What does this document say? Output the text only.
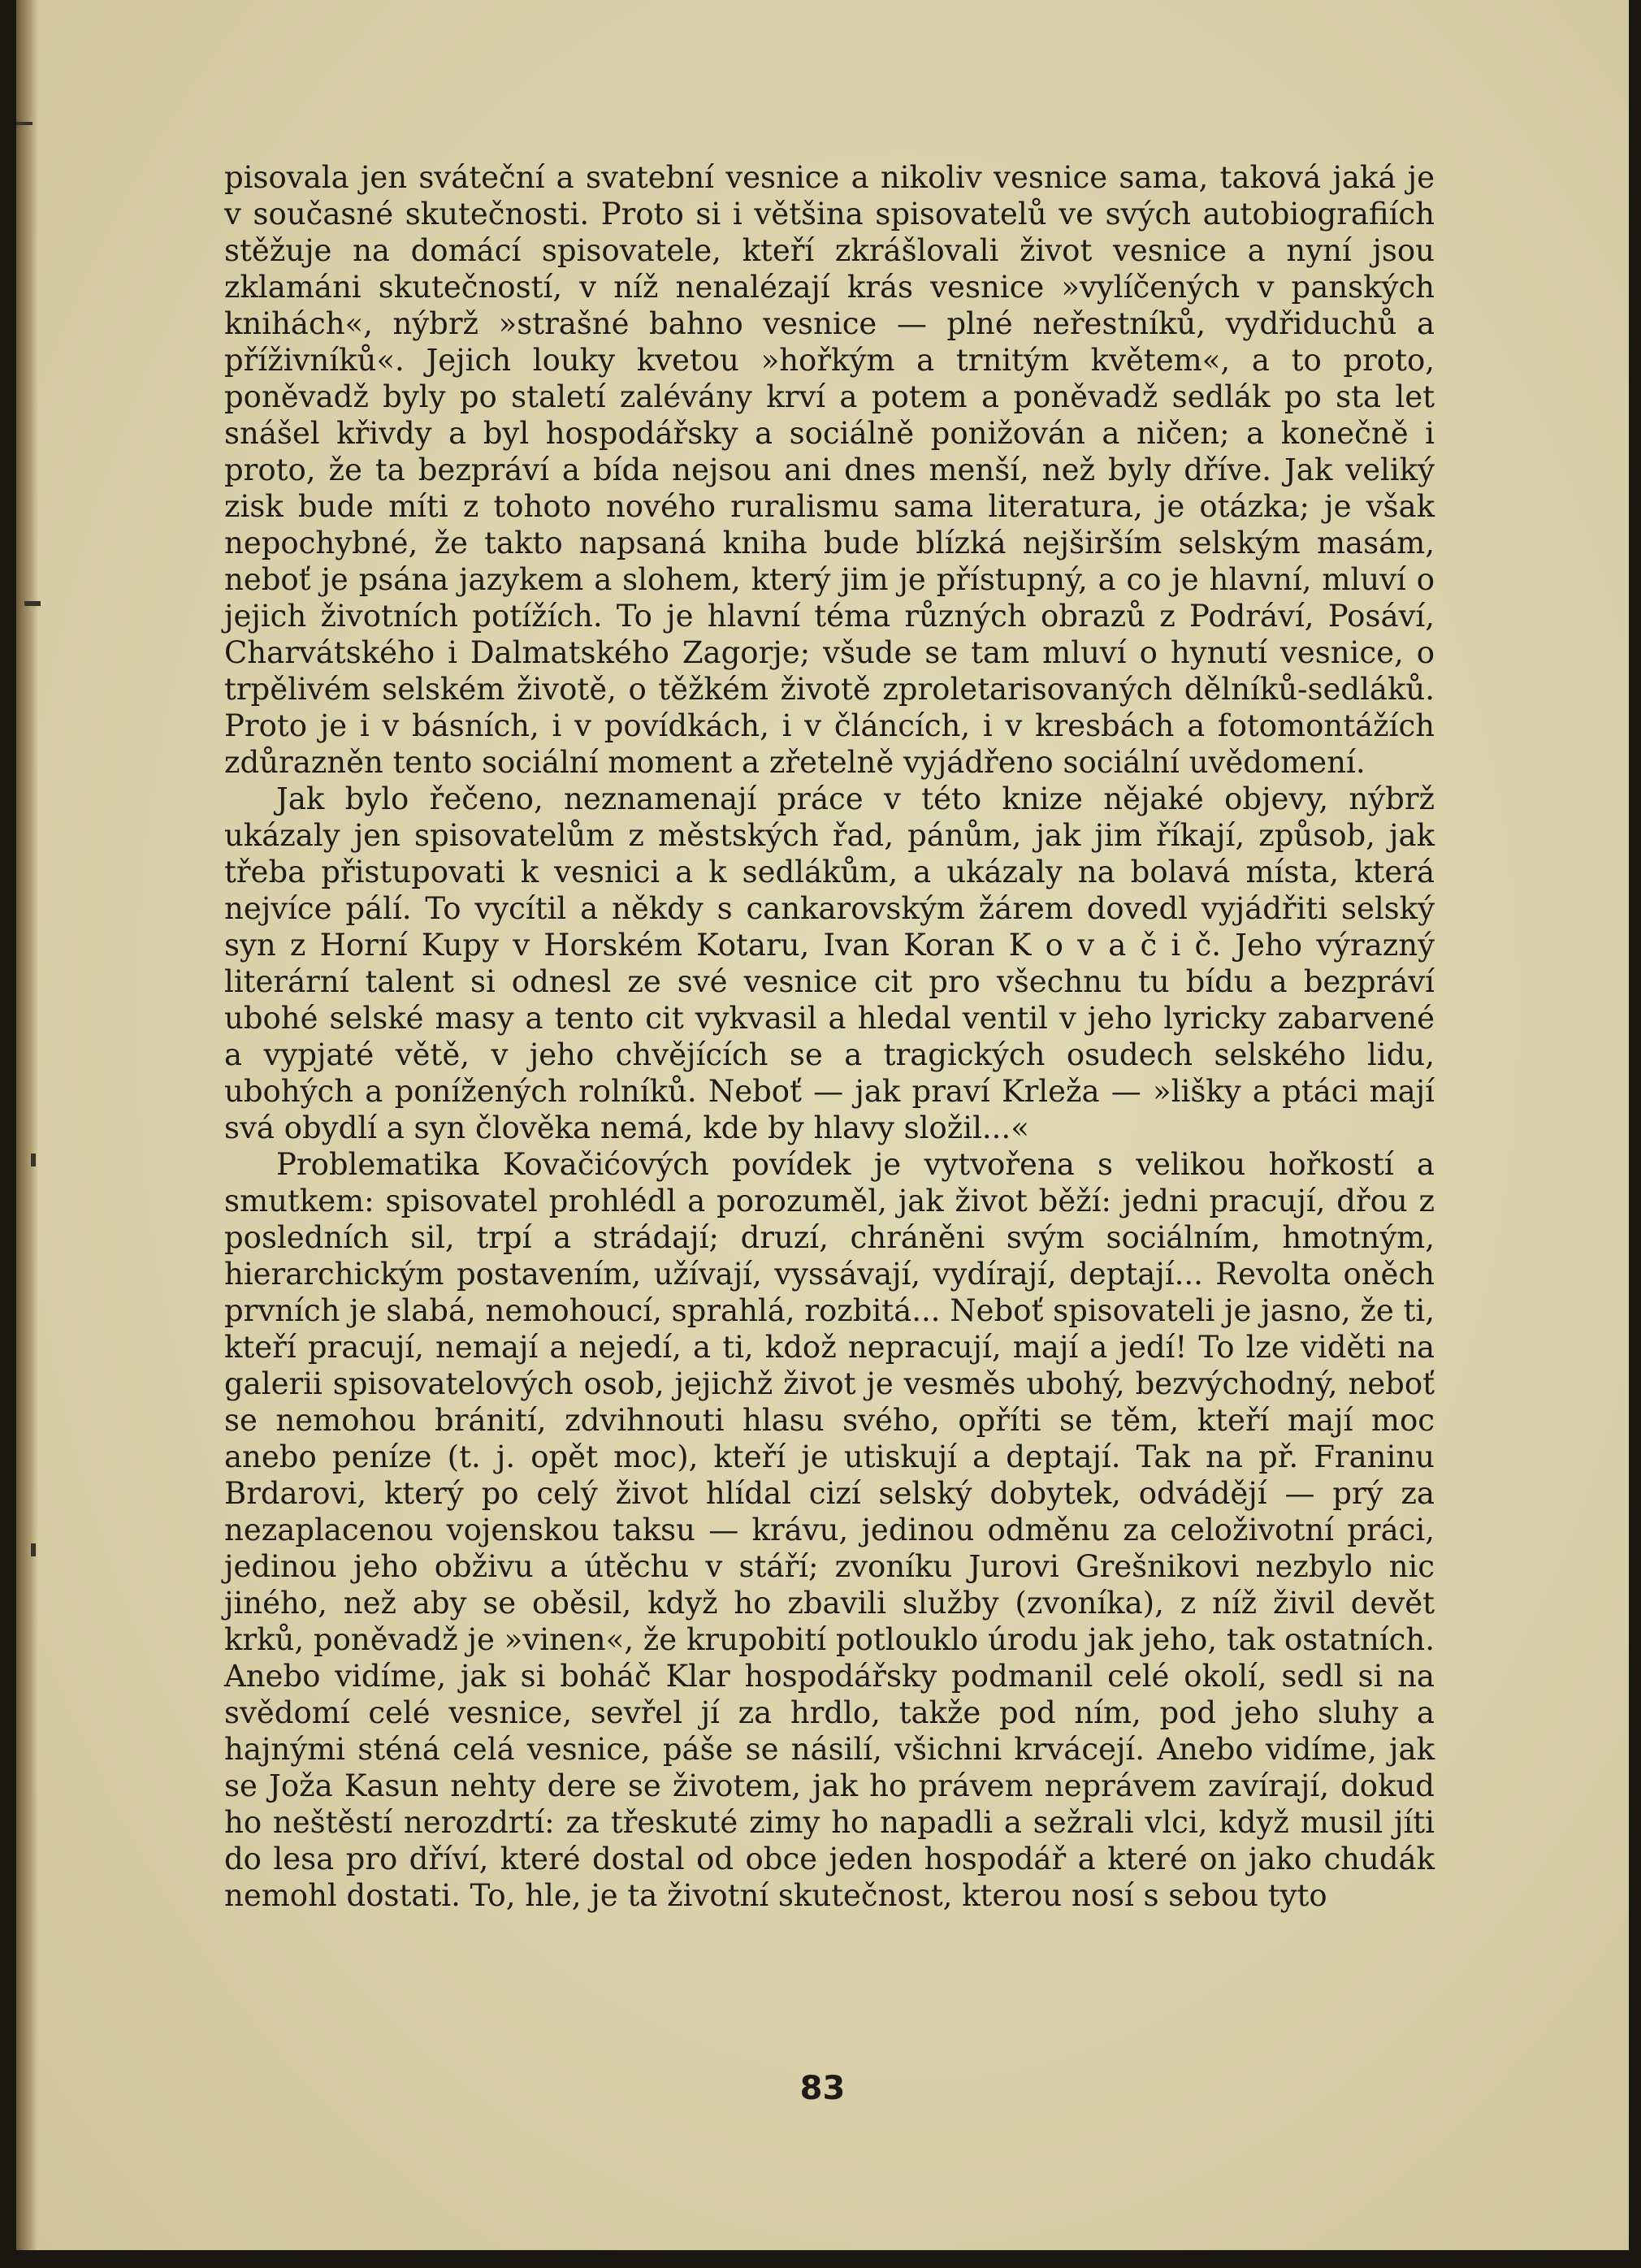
pisovala jen sváteční a svatební vesnice a nikoliv vesnice sama, taková jaká je v současné skutečnosti. Proto si i většina spisovatelů ve svých autobiografiích stěžuje na domácí spisovatele, kteří zkrášlovali život vesnice a nyní jsou zklamáni skutečností, v níž nenalézají krás vesnice »vylíčených v panských knihách«, nýbrž »strašné bahno vesnice — plné neřestníků, vydřiduchů a příživníků«. Jejich louky kvetou »hořkým a trnitým květem«, a to proto, poněvadž byly po staletí zalévány krví a potem a poněvadž sedlák po sta let snášel křivdy a byl hospodářsky a sociálně ponižován a ničen; a konečně i proto, že ta bezpráví a bída nejsou ani dnes menší, než byly dříve. Jak veliký zisk bude míti z tohoto nového ruralismu sama literatura, je otázka; je však nepochybné, že takto napsaná kniha bude blízká nejširším selským masám, neboť je psána jazykem a slohem, který jim je přístupný, a co je hlavní, mluví o jejich životních potížích. To je hlavní téma různých obrazů z Podráví, Posáví, Charvátského i Dalmatského Zagorje; všude se tam mluví o hynutí vesnice, o trpělivém selském životě, o těžkém životě zproletarisovaných dělníků-sedláků. Proto je i v básních, i v povídkách, i v článcích, i v kresbách a fotomontážích zdůrazněn tento sociální moment a zřetelně vyjádřeno sociální uvědomení.

Jak bylo řečeno, neznamenají práce v této knize nějaké objevy, nýbrž ukázaly jen spisovatelům z městských řad, pánům, jak jim říkají, způsob, jak třeba přistupovati k vesnici a k sedlákům, a ukázaly na bolavá místa, která nejvíce pálí. To vycítil a někdy s cankarovským žárem dovedl vyjádřiti selský syn z Horní Kupy v Horském Kotaru, Ivan Koran K o v a č i č. Jeho výrazný literární talent si odnesl ze své vesnice cit pro všechnu tu bídu a bezpráví ubohé selské masy a tento cit vykvasil a hledal ventil v jeho lyricky zabarvené a vypjaté větě, v jeho chvějících se a tragických osudech selského lidu, ubohých a ponížených rolníků. Neboť — jak praví Krleža — »lišky a ptáci mají svá obydlí a syn člověka nemá, kde by hlavy složil...«

Problematika Kovačićových povídek je vytvořena s velikou hořkostí a smutkem: spisovatel prohlédl a porozuměl, jak život běží: jedni pracují, dřou z posledních sil, trpí a strádají; druzí, chráněni svým sociálním, hmotným, hierarchickým postavením, užívají, vyssávají, vydírají, deptají... Revolta oněch prvních je slabá, nemohoucí, sprahlá, rozbitá... Neboť spisovateli je jasno, že ti, kteří pracují, nemají a nejedí, a ti, kdož nepracují, mají a jedí! To lze viděti na galerii spisovatelových osob, jejichž život je vesměs ubohý, bezvýchodný, neboť se nemohou bránití, zdvihnouti hlasu svého, opříti se těm, kteří mají moc anebo peníze (t. j. opět moc), kteří je utiskují a deptají. Tak na př. Franinu Brdarovi, který po celý život hlídal cizí selský dobytek, odvádějí — prý za nezaplacenou vojenskou taksu — krávu, jedinou odměnu za celoživotní práci, jedinou jeho obživu a útěchu v stáří; zvoníku Jurovi Grešnikovi nezbylo nic jiného, než aby se oběsil, když ho zbavili služby (zvoníka), z níž živil devět krků, poněvadž je »vinen«, že krupobití potlouklo úrodu jak jeho, tak ostatních. Anebo vidíme, jak si boháč Klar hospodářsky podmanil celé okolí, sedl si na svědomí celé vesnice, sevřel jí za hrdlo, takže pod ním, pod jeho sluhy a hajnými sténá celá vesnice, páše se násilí, všichni krvácejí. Anebo vidíme, jak se Jožа Kasun nehty dere se životem, jak ho právem neprávem zavírají, dokud ho neštěstí nerozdrtí: za třeskuté zimy ho napadli a sežrali vlci, když musil jíti do lesa pro dříví, které dostal od obce jeden hospodář a které on jako chudák nemohl dostati. To, hle, je ta životní skutečnost, kterou nosí s sebou tyto

83
